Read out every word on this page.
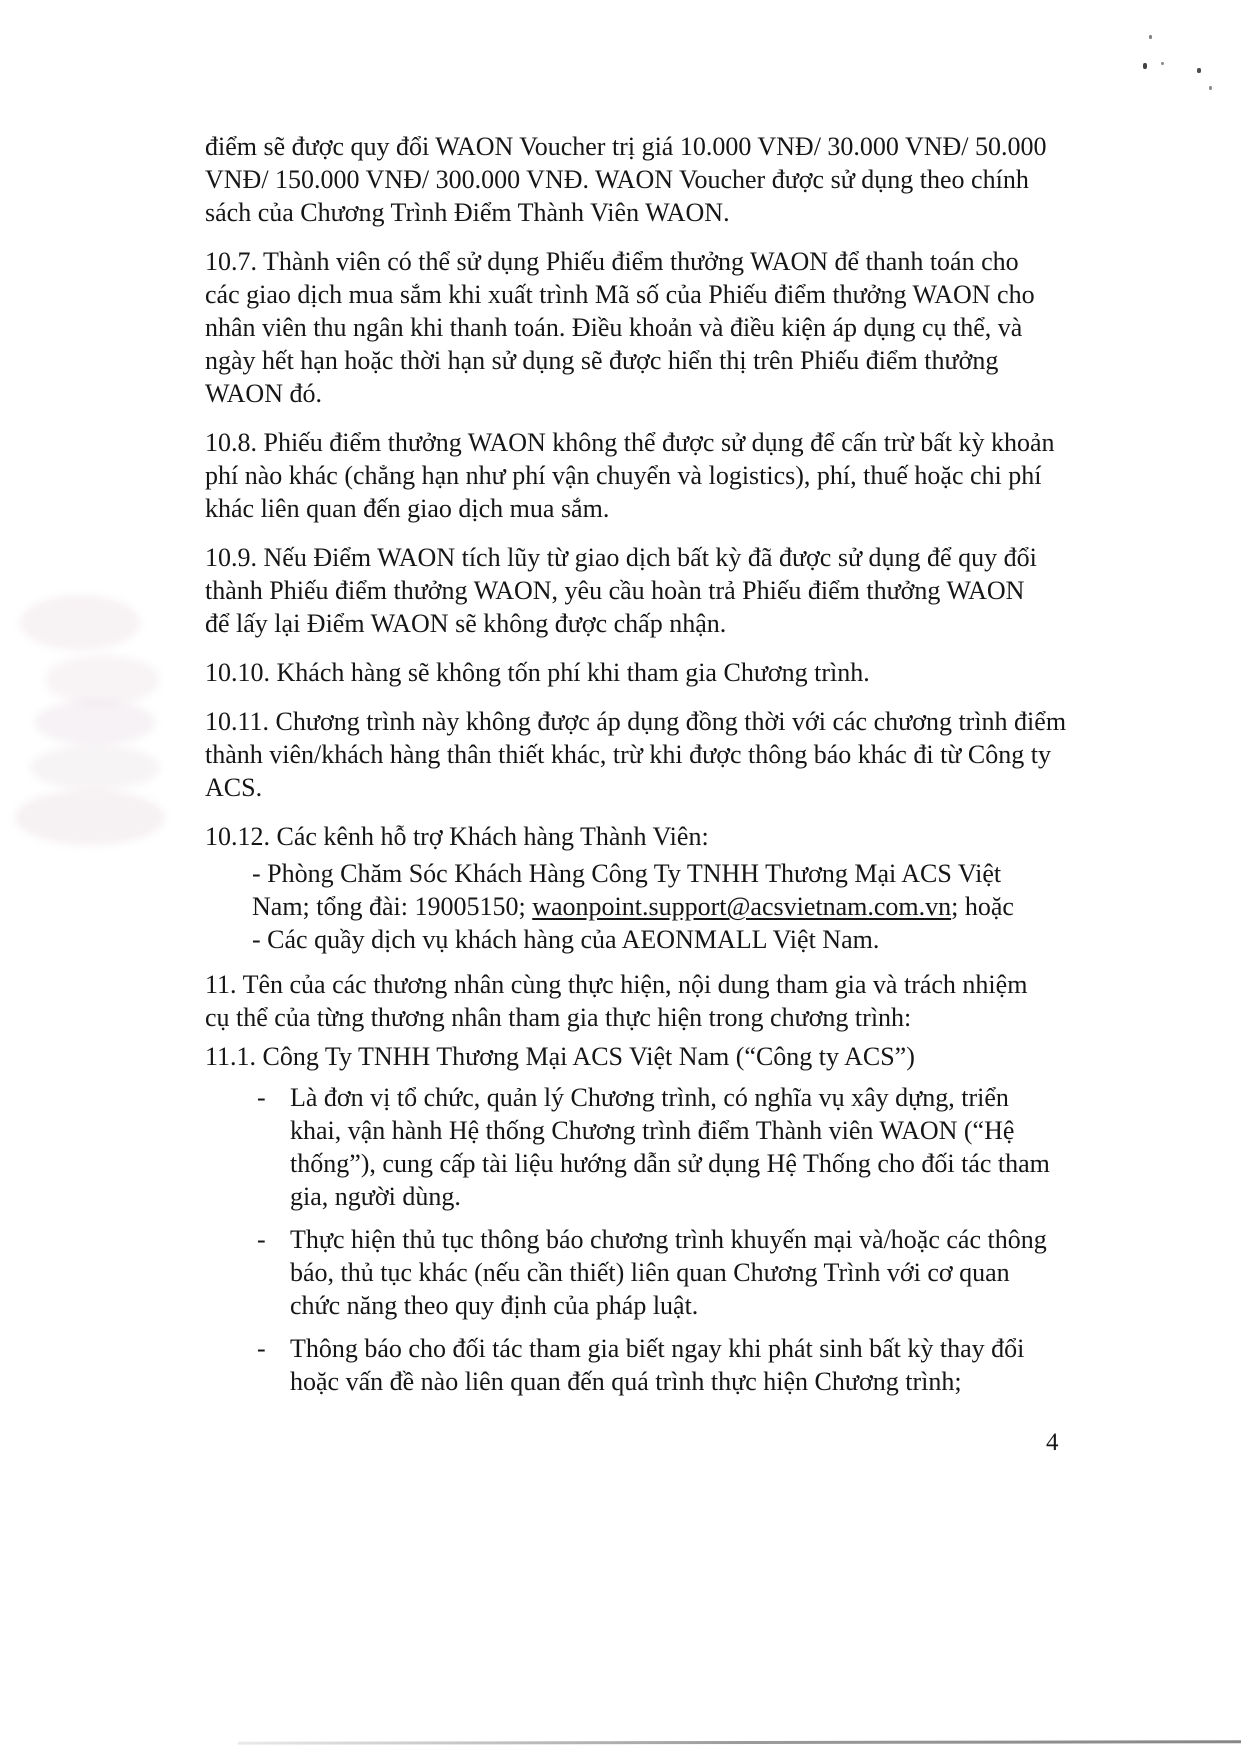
điểm sẽ được quy đổi WAON Voucher trị giá 10.000 VNĐ/ 30.000 VNĐ/ 50.000
VNĐ/ 150.000 VNĐ/ 300.000 VNĐ. WAON Voucher được sử dụng theo chính
sách của Chương Trình Điểm Thành Viên WAON.
10.7. Thành viên có thể sử dụng Phiếu điểm thưởng WAON để thanh toán cho
các giao dịch mua sắm khi xuất trình Mã số của Phiếu điểm thưởng WAON cho
nhân viên thu ngân khi thanh toán. Điều khoản và điều kiện áp dụng cụ thể, và
ngày hết hạn hoặc thời hạn sử dụng sẽ được hiển thị trên Phiếu điểm thưởng
WAON đó.
10.8. Phiếu điểm thưởng WAON không thể được sử dụng để cấn trừ bất kỳ khoản
phí nào khác (chẳng hạn như phí vận chuyển và logistics), phí, thuế hoặc chi phí
khác liên quan đến giao dịch mua sắm.
10.9. Nếu Điểm WAON tích lũy từ giao dịch bất kỳ đã được sử dụng để quy đổi
thành Phiếu điểm thưởng WAON, yêu cầu hoàn trả Phiếu điểm thưởng WAON
để lấy lại Điểm WAON sẽ không được chấp nhận.
10.10. Khách hàng sẽ không tốn phí khi tham gia Chương trình.
10.11. Chương trình này không được áp dụng đồng thời với các chương trình điểm
thành viên/khách hàng thân thiết khác, trừ khi được thông báo khác đi từ Công ty
ACS.
10.12. Các kênh hỗ trợ Khách hàng Thành Viên:
- Phòng Chăm Sóc Khách Hàng Công Ty TNHH Thương Mại ACS Việt
Nam; tổng đài: 19005150; waonpoint.support@acsvietnam.com.vn; hoặc
- Các quầy dịch vụ khách hàng của AEONMALL Việt Nam.
11. Tên của các thương nhân cùng thực hiện, nội dung tham gia và trách nhiệm
cụ thể của từng thương nhân tham gia thực hiện trong chương trình:
11.1. Công Ty TNHH Thương Mại ACS Việt Nam (“Công ty ACS”)
- Là đơn vị tổ chức, quản lý Chương trình, có nghĩa vụ xây dựng, triển
khai, vận hành Hệ thống Chương trình điểm Thành viên WAON (“Hệ
thống”), cung cấp tài liệu hướng dẫn sử dụng Hệ Thống cho đối tác tham
gia, người dùng.
- Thực hiện thủ tục thông báo chương trình khuyến mại và/hoặc các thông
báo, thủ tục khác (nếu cần thiết) liên quan Chương Trình với cơ quan
chức năng theo quy định của pháp luật.
- Thông báo cho đối tác tham gia biết ngay khi phát sinh bất kỳ thay đổi
hoặc vấn đề nào liên quan đến quá trình thực hiện Chương trình;
4
